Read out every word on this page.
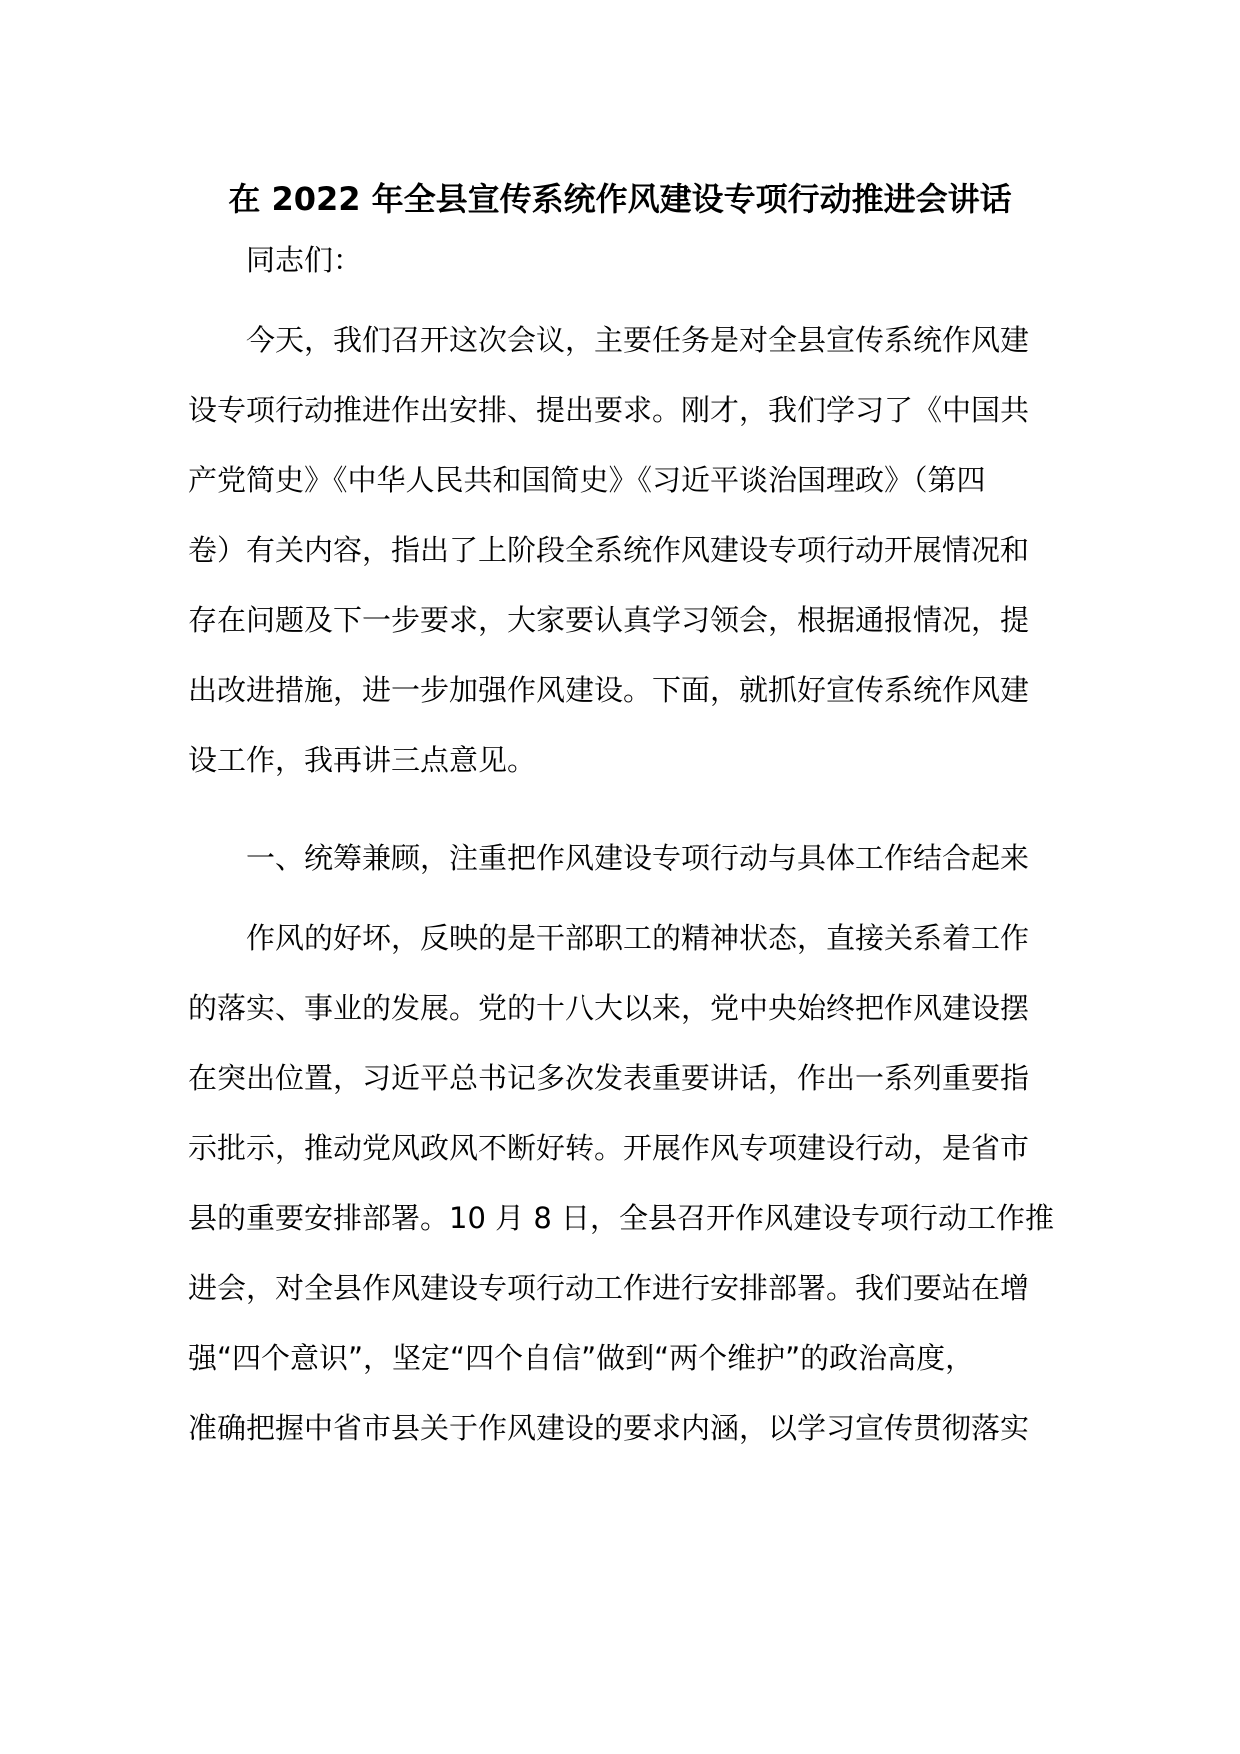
在 2022 年全县宣传系统作风建设专项行动推进会讲话
同志们：
今天，我们召开这次会议，主要任务是对全县宣传系统作风建
设专项行动推进作出安排、提出要求。刚才，我们学习了《中国共
产党简史》《中华人民共和国简史》《习近平谈治国理政》（第四
卷）有关内容，指出了上阶段全系统作风建设专项行动开展情况和
存在问题及下一步要求，大家要认真学习领会，根据通报情况，提
出改进措施，进一步加强作风建设。下面，就抓好宣传系统作风建
设工作，我再讲三点意见。
一、统筹兼顾，注重把作风建设专项行动与具体工作结合起来
作风的好坏，反映的是干部职工的精神状态，直接关系着工作
的落实、事业的发展。党的十八大以来，党中央始终把作风建设摆
在突出位置，习近平总书记多次发表重要讲话，作出一系列重要指
示批示，推动党风政风不断好转。开展作风专项建设行动，是省市
县的重要安排部署。10 月 8 日，全县召开作风建设专项行动工作推
进会，对全县作风建设专项行动工作进行安排部署。我们要站在增
强“四个意识”，坚定“四个自信”做到“两个维护”的政治高度，
准确把握中省市县关于作风建设的要求内涵，以学习宣传贯彻落实
